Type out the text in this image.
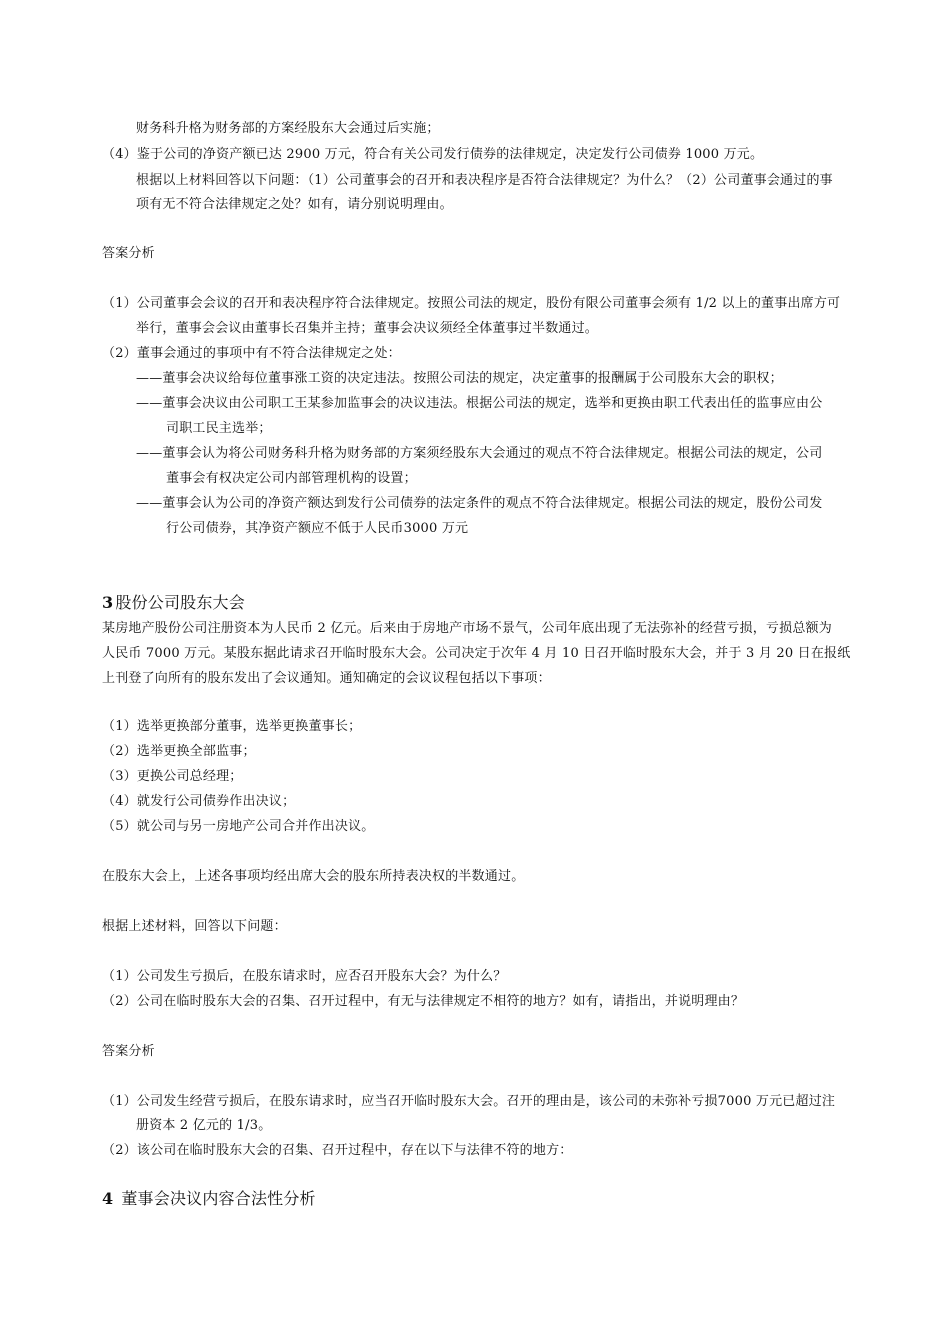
财务科升格为财务部的方案经股东大会通过后实施；
（4）鉴于公司的净资产额已达 2900 万元，符合有关公司发行债券的法律规定，决定发行公司债券 1000 万元。
根据以上材料回答以下问题：（1）公司董事会的召开和表决程序是否符合法律规定？为什么？（2）公司董事会通过的事
项有无不符合法律规定之处？如有，请分别说明理由。
答案分析
（1）公司董事会会议的召开和表决程序符合法律规定。按照公司法的规定，股份有限公司董事会须有 1/2 以上的董事出席方可
举行，董事会会议由董事长召集并主持；董事会决议须经全体董事过半数通过。
（2）董事会通过的事项中有不符合法律规定之处：
——董事会决议给每位董事涨工资的决定违法。按照公司法的规定，决定董事的报酬属于公司股东大会的职权；
——董事会决议由公司职工王某参加监事会的决议违法。根据公司法的规定，选举和更换由职工代表出任的监事应由公
司职工民主选举；
——董事会认为将公司财务科升格为财务部的方案须经股东大会通过的观点不符合法律规定。根据公司法的规定，公司
董事会有权决定公司内部管理机构的设置；
——董事会认为公司的净资产额达到发行公司债券的法定条件的观点不符合法律规定。根据公司法的规定，股份公司发
行公司债券，其净资产额应不低于人民币3000 万元
3 股份公司股东大会
某房地产股份公司注册资本为人民币 2 亿元。后来由于房地产市场不景气，公司年底出现了无法弥补的经营亏损，亏损总额为
人民币 7000 万元。某股东据此请求召开临时股东大会。公司决定于次年 4 月 10 日召开临时股东大会，并于 3 月 20 日在报纸
上刊登了向所有的股东发出了会议通知。通知确定的会议议程包括以下事项：
（1）选举更换部分董事，选举更换董事长；
（2）选举更换全部监事；
（3）更换公司总经理；
（4）就发行公司债券作出决议；
（5）就公司与另一房地产公司合并作出决议。
在股东大会上，上述各事项均经出席大会的股东所持表决权的半数通过。
根据上述材料，回答以下问题：
（1）公司发生亏损后，在股东请求时，应否召开股东大会？为什么？
（2）公司在临时股东大会的召集、召开过程中，有无与法律规定不相符的地方？如有，请指出，并说明理由？
答案分析
（1）公司发生经营亏损后，在股东请求时，应当召开临时股东大会。召开的理由是，该公司的未弥补亏损7000 万元已超过注
册资本 2 亿元的 1/3。
（2）该公司在临时股东大会的召集、召开过程中，存在以下与法律不符的地方：
4 董事会决议内容合法性分析
